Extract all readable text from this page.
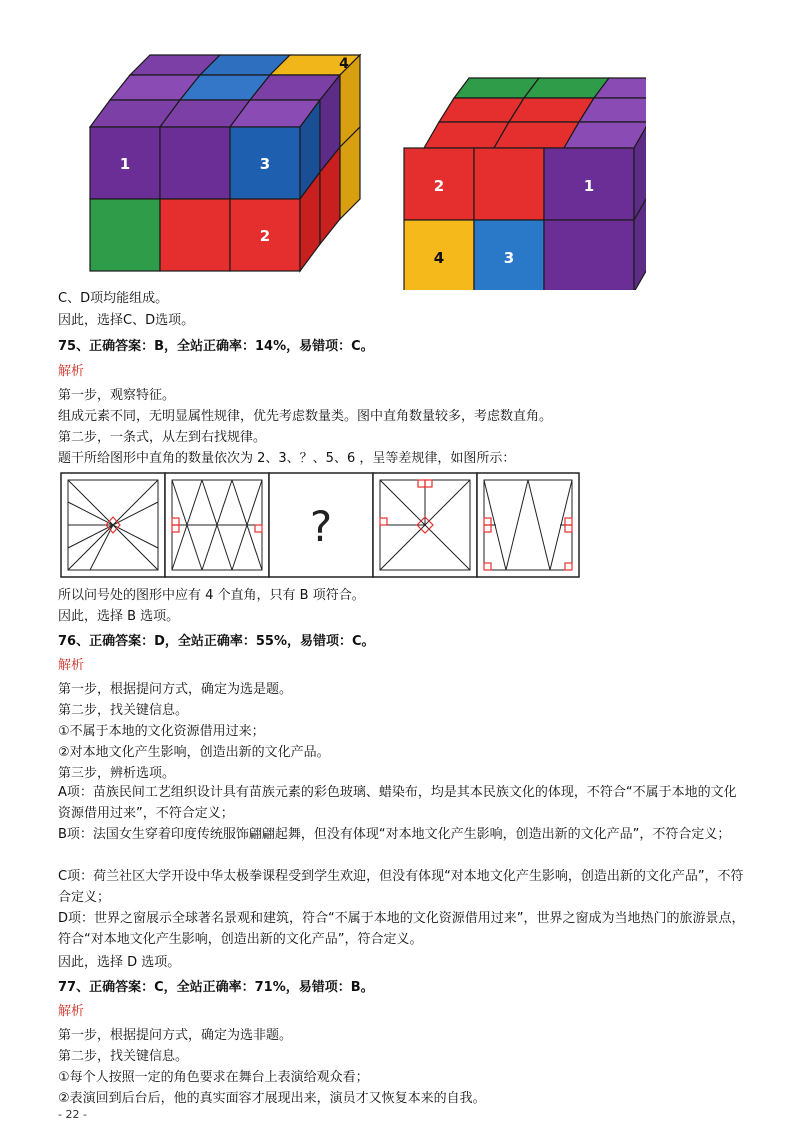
1	3
2
4
2	1
4	3
C、D项均能组成。
因此，选择C、D选项。
75、正确答案：B，全站正确率：14%，易错项：C。
解析
第一步，观察特征。
组成元素不同，无明显属性规律，优先考虑数量类。图中直角数量较多，考虑数直角。
第二步，一条式，从左到右找规律。
题干所给图形中直角的数量依次为 2、3、？、5、6 ，呈等差规律，如图所示：
?
所以问号处的图形中应有 4 个直角，只有 B 项符合。
因此，选择 B 选项。
76、正确答案：D，全站正确率：55%，易错项：C。
解析
第一步，根据提问方式，确定为选是题。
第二步，找关键信息。
①不属于本地的文化资源借用过来；
②对本地文化产生影响，创造出新的文化产品。
第三步，辨析选项。
A项：苗族民间工艺组织设计具有苗族元素的彩色玻璃、蜡染布，均是其本民族文化的体现，不符合“不属于本地的文化资源借用过来”，不符合定义；
B项：法国女生穿着印度传统服饰翩翩起舞，但没有体现“对本地文化产生影响，创造出新的文化产品”，不符合定义；
C项：荷兰社区大学开设中华太极拳课程受到学生欢迎，但没有体现“对本地文化产生影响，创造出新的文化产品”，不符合定义；
D项：世界之窗展示全球著名景观和建筑，符合“不属于本地的文化资源借用过来”，世界之窗成为当地热门的旅游景点，符合“对本地文化产生影响，创造出新的文化产品”，符合定义。
因此，选择 D 选项。
77、正确答案：C，全站正确率：71%，易错项：B。
解析
第一步，根据提问方式，确定为选非题。
第二步，找关键信息。
①每个人按照一定的角色要求在舞台上表演给观众看；
②表演回到后台后，他的真实面容才展现出来，演员才又恢复本来的自我。
- 22 -
